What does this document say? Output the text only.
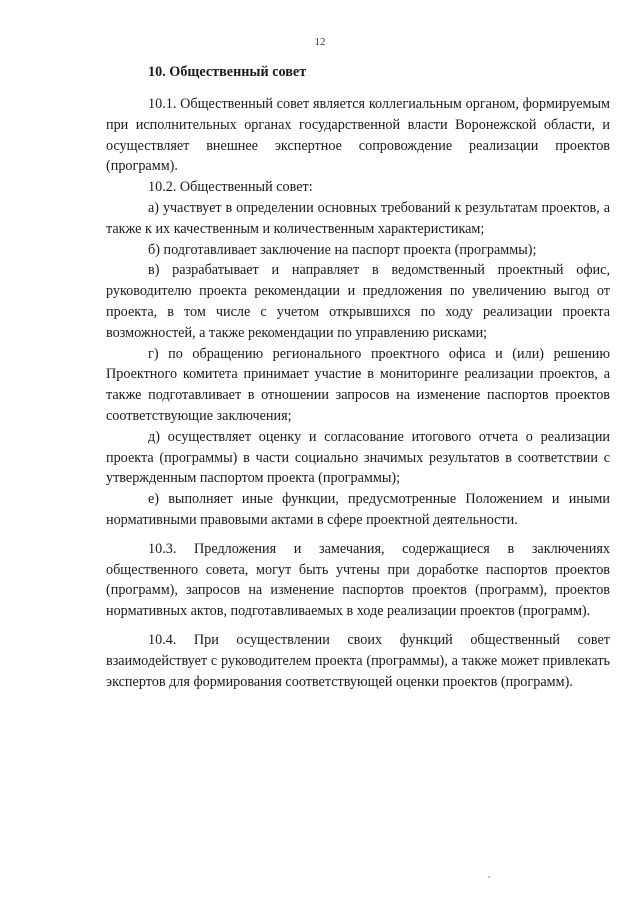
12
10. Общественный совет

10.1. Общественный совет является коллегиальным органом, формируемым при исполнительных органах государственной власти Воронежской области, и осуществляет внешнее экспертное сопровождение реализации проектов (программ).

10.2. Общественный совет:

а) участвует в определении основных требований к результатам проектов, а также к их качественным и количественным характеристикам;

б) подготавливает заключение на паспорт проекта (программы);

в) разрабатывает и направляет в ведомственный проектный офис, руководителю проекта рекомендации и предложения по увеличению выгод от проекта, в том числе с учетом открывшихся по ходу реализации проекта возможностей, а также рекомендации по управлению рисками;

г) по обращению регионального проектного офиса и (или) решению Проектного комитета принимает участие в мониторинге реализации проектов, а также подготавливает в отношении запросов на изменение паспортов проектов соответствующие заключения;

д) осуществляет оценку и согласование итогового отчета о реализации проекта (программы) в части социально значимых результатов в соответствии с утвержденным паспортом проекта (программы);

е) выполняет иные функции, предусмотренные Положением и иными нормативными правовыми актами в сфере проектной деятельности.

10.3. Предложения и замечания, содержащиеся в заключениях общественного совета, могут быть учтены при доработке паспортов проектов (программ), запросов на изменение паспортов проектов (программ), проектов нормативных актов, подготавливаемых в ходе реализации проектов (программ).

10.4. При осуществлении своих функций общественный совет взаимодействует с руководителем проекта (программы), а также может привлекать экспертов для формирования соответствующей оценки проектов (программ).
